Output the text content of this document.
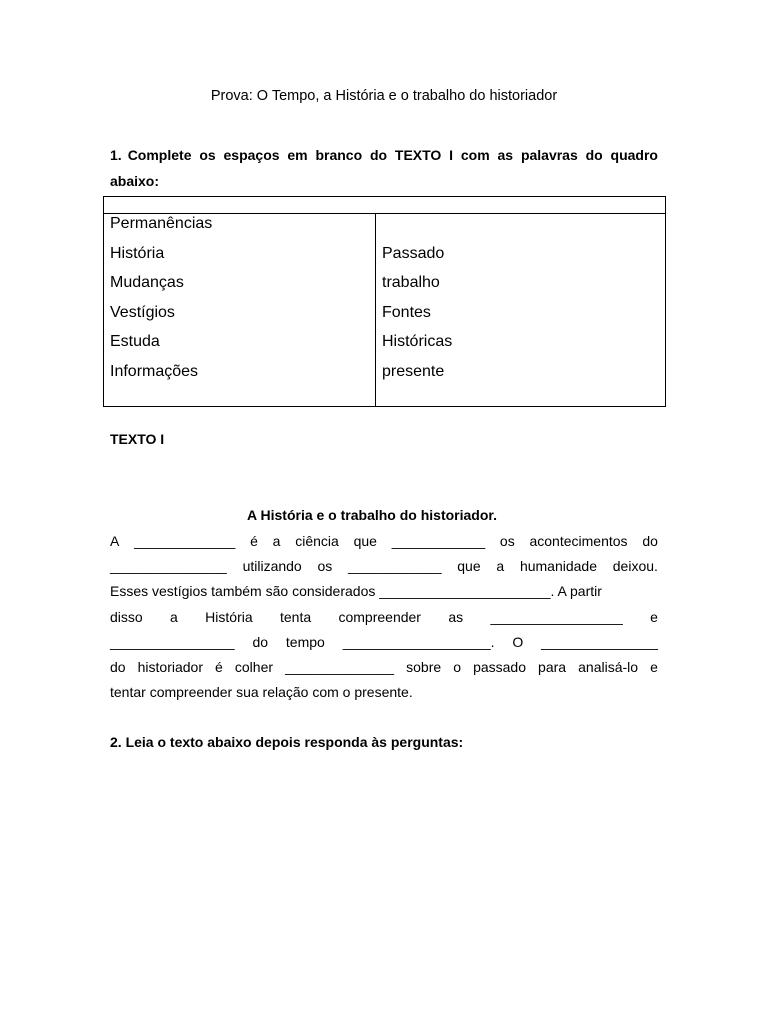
Prova: O Tempo, a História e o trabalho do historiador
1. Complete os espaços em branco do TEXTO I com as palavras do quadro abaixo:
Permanências
História
Mudanças
Vestígios
Estuda
Informações
Passado
trabalho
Fontes
Históricas
presente
TEXTO I
A História e o trabalho do historiador.
A _____________ é a ciência que ____________ os acontecimentos do
_______________ utilizando os ____________ que a humanidade deixou.
Esses vestígios também são considerados ______________________. A partir
disso a História tenta compreender as _________________ e
________________ do tempo ___________________. O _______________
do historiador é colher ______________ sobre o passado para analisá-lo e
tentar compreender sua relação com o presente.
2. Leia o texto abaixo depois responda às perguntas:
